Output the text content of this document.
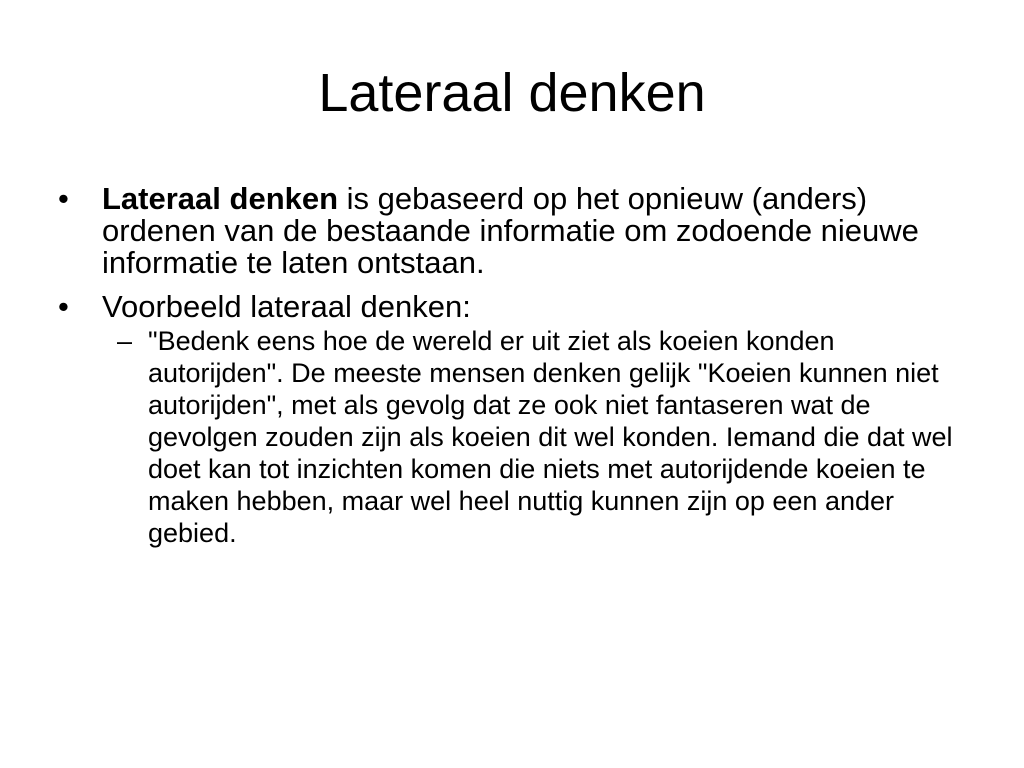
Lateraal denken
•	Lateraal denken is gebaseerd op het opnieuw (anders) ordenen van de bestaande informatie om zodoende nieuwe informatie te laten ontstaan.
•	Voorbeeld lateraal denken:
– "Bedenk eens hoe de wereld er uit ziet als koeien konden autorijden". De meeste mensen denken gelijk "Koeien kunnen niet autorijden", met als gevolg dat ze ook niet fantaseren wat de gevolgen zouden zijn als koeien dit wel konden. Iemand die dat wel doet kan tot inzichten komen die niets met autorijdende koeien te maken hebben, maar wel heel nuttig kunnen zijn op een ander gebied.
